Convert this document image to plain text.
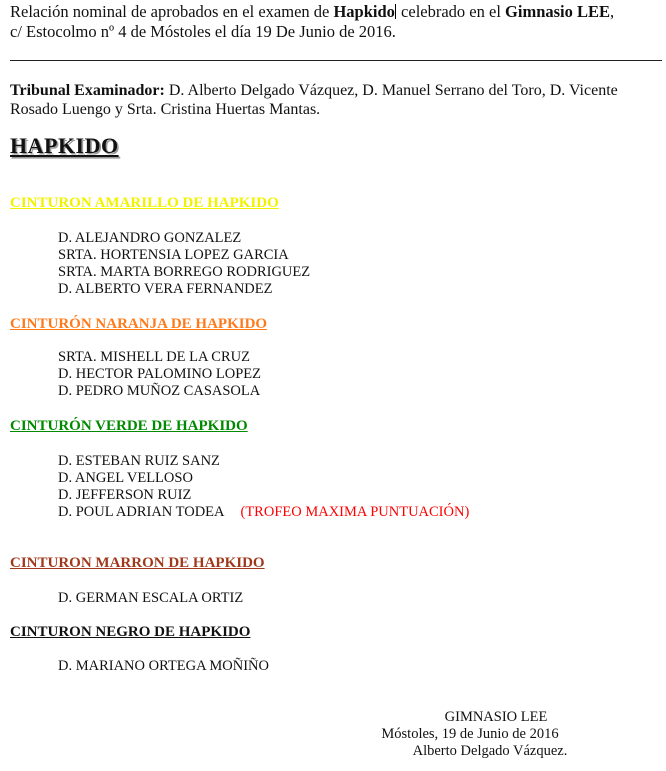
Relación nominal de aprobados en el examen de Hapkido celebrado en el Gimnasio LEE,
c/ Estocolmo nº 4 de Móstoles el día 19 De Junio de 2016.
Tribunal Examinador: D. Alberto Delgado Vázquez, D. Manuel Serrano del Toro, D. Vicente Rosado Luengo y Srta. Cristina Huertas Mantas.
HAPKIDO
CINTURON AMARILLO DE HAPKIDO
D. ALEJANDRO GONZALEZ
SRTA. HORTENSIA LOPEZ GARCIA
SRTA. MARTA BORREGO RODRIGUEZ
D. ALBERTO VERA FERNANDEZ
CINTURÓN NARANJA DE HAPKIDO
SRTA. MISHELL DE LA CRUZ
D. HECTOR PALOMINO LOPEZ
D. PEDRO MUÑOZ CASASOLA
CINTURÓN VERDE DE HAPKIDO
D. ESTEBAN RUIZ SANZ
D. ANGEL VELLOSO
D. JEFFERSON RUIZ
D. POUL ADRIAN TODEA (TROFEO MAXIMA PUNTUACIÓN)
CINTURON MARRON DE HAPKIDO
D. GERMAN ESCALA ORTIZ
CINTURON NEGRO DE HAPKIDO
D. MARIANO ORTEGA MOÑIÑO
GIMNASIO LEE
Móstoles, 19 de Junio de 2016
Alberto Delgado Vázquez.
